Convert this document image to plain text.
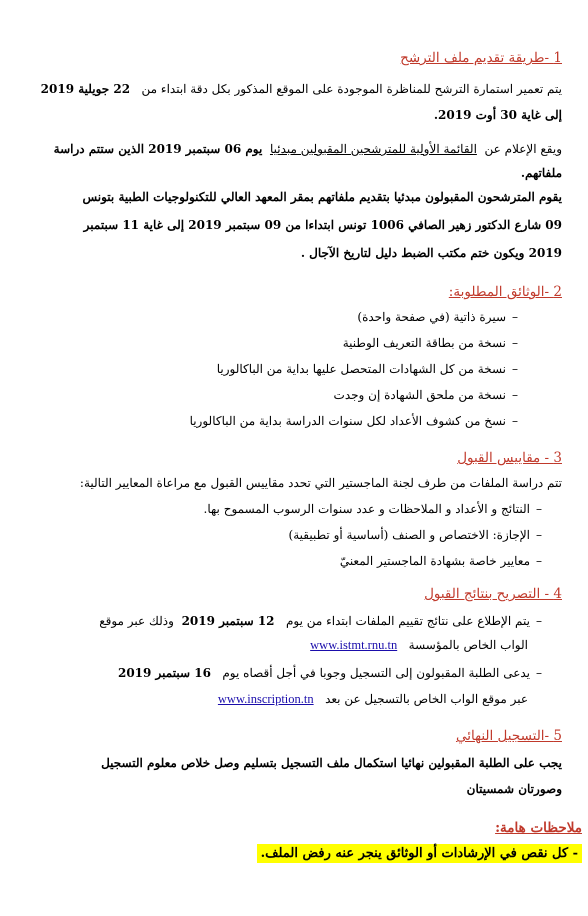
1 -طريقة تقديم ملف الترشح
يتم تعمير استمارة الترشح للمناظرة الموجودة على الموقع المذكور بكل دقة ابتداء من   22 جويلية 2019
إلى غاية 30 أوت 2019.
ويقع الإعلام عن  القائمة الأولية للمترشحين المقبولين مبدئيا  يوم 06 سبتمبر 2019 الذين ستتم دراسة
ملفاتهم.
يقوم المترشحون المقبولون مبدئيا بتقديم ملفاتهم بمقر المعهد العالي للتكنولوجيات الطبية بتونس
09 شارع الدكتور زهير الصافي 1006 تونس ابتداءا من 09 سبتمبر 2019 إلى غاية 11 سبتمبر
2019 ويكون ختم مكتب الضبط دليل لتاريخ الآجال .
2 -الوثائق المطلوبة:
–سيرة ذاتية (في صفحة واحدة)
–نسخة من بطاقة التعريف الوطنية
–نسخة من كل الشهادات المتحصل عليها بداية من الباكالوريا
–نسخة من ملحق الشهادة إن وجدت
–نسخ من كشوف الأعداد لكل سنوات الدراسة بداية من الباكالوريا
3 - مقاييس القبول
تتم دراسة الملفات من طرف لجنة الماجستير التي تحدد مقاييس القبول مع مراعاة المعايير التالية:
–النتائج و الأعداد و الملاحظات و عدد سنوات الرسوب المسموح بها.
–الإجازة: الاختصاص و الصنف (أساسية أو تطبيقية)
–معايير خاصة بشهادة الماجستير المعنيّ
4 - التصريح بنتائج القبول
–يتم الإطلاع على نتائج تقييم الملفات ابتداء من يوم   12 سبتمبر 2019  وذلك عبر موقع
الواب الخاص بالمؤسسة   www.istmt.rnu.tn
–يدعى الطلبة المقبولون إلى التسجيل وجوبا في أجل أقصاه يوم   16 سبتمبر 2019
عبر موقع الواب الخاص بالتسجيل عن بعد   www.inscription.tn
5 -التسجيل النهائي
يجب على الطلبة المقبولين نهائيا استكمال ملف التسجيل بتسليم وصل خلاص معلوم التسجيل
وصورتان شمسيتان
ملاحظات هامة:
- كل نقص في الإرشادات أو الوثائق ينجر عنه رفض الملف.
